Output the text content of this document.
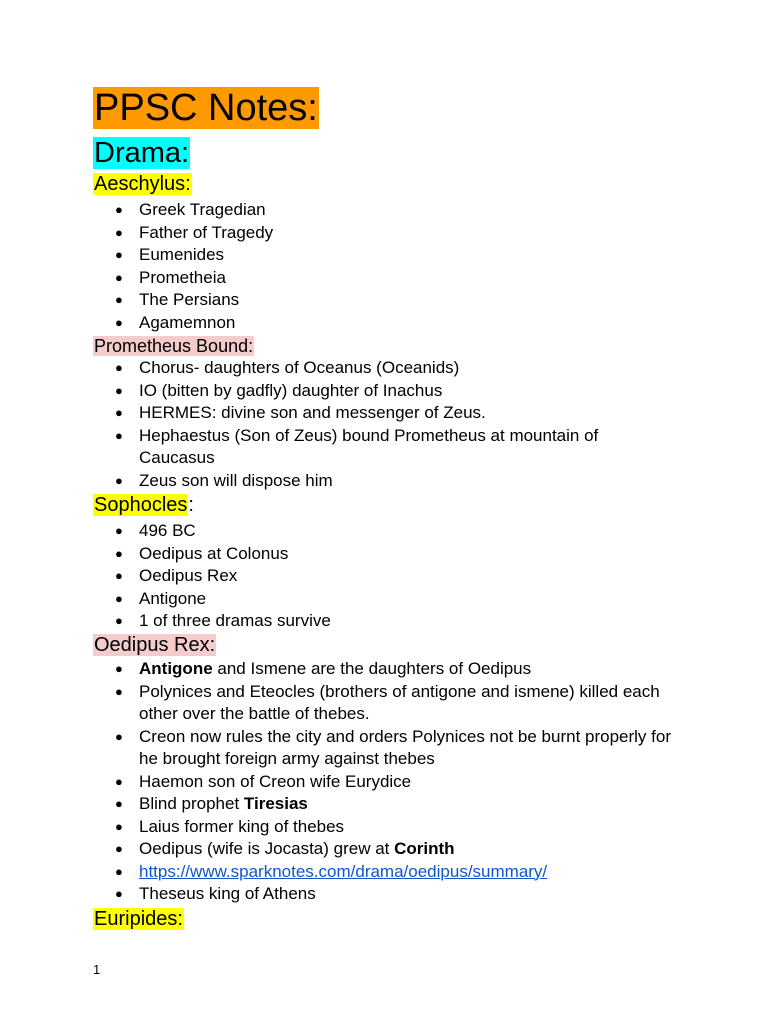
PPSC Notes:
Drama:
Aeschylus:
● Greek Tragedian
● Father of Tragedy
● Eumenides
● Prometheia
● The Persians
● Agamemnon
Prometheus Bound:
● Chorus- daughters of Oceanus (Oceanids)
● IO (bitten by gadfly) daughter of Inachus
● HERMES: divine son and messenger of Zeus.
● Hephaestus (Son of Zeus) bound Prometheus at mountain of Caucasus
● Zeus son will dispose him
Sophocles:
● 496 BC
● Oedipus at Colonus
● Oedipus Rex
● Antigone
● 1 of three dramas survive
Oedipus Rex:
● Antigone and Ismene are the daughters of Oedipus
● Polynices and Eteocles (brothers of antigone and ismene) killed each other over the battle of thebes.
● Creon now rules the city and orders Polynices not be burnt properly for he brought foreign army against thebes
● Haemon son of Creon wife Eurydice
● Blind prophet Tiresias
● Laius former king of thebes
● Oedipus (wife is Jocasta) grew at Corinth
● https://www.sparknotes.com/drama/oedipus/summary/
● Theseus king of Athens
Euripides:
1
